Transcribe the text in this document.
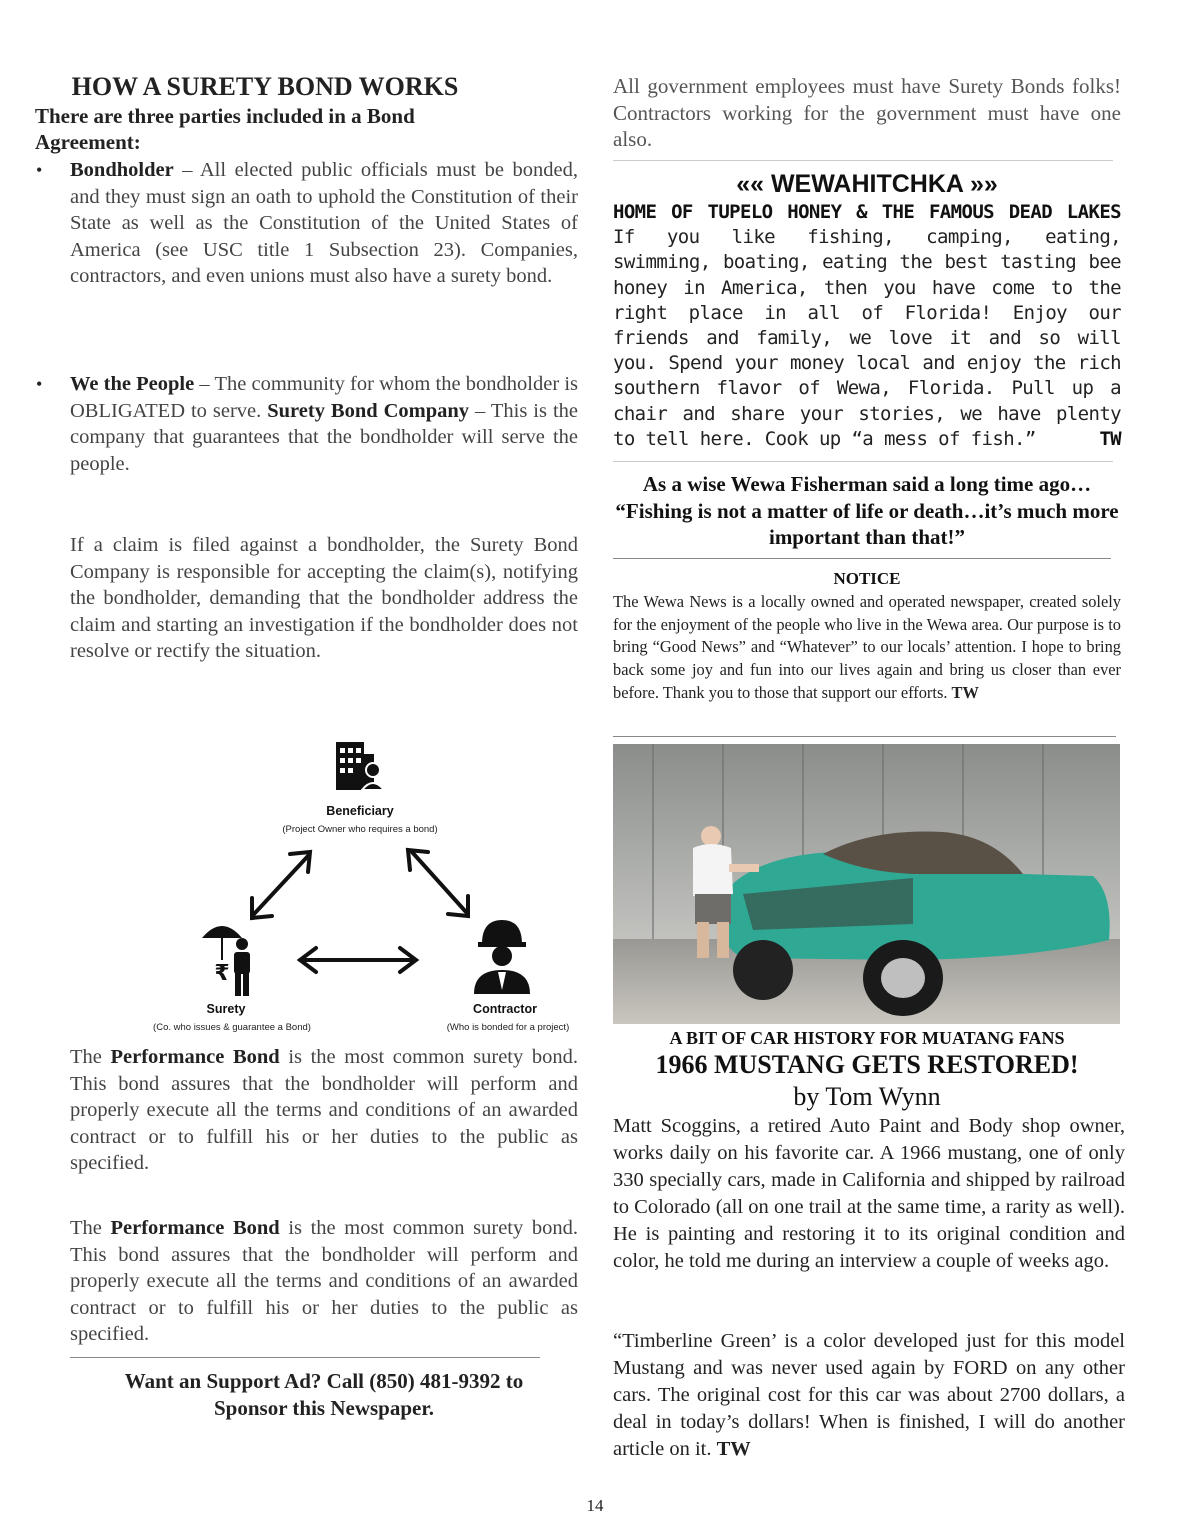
HOW A SURETY BOND WORKS

There are three parties included in a Bond Agreement:

• Bondholder – All elected public officials must be bonded, and they must sign an oath to uphold the Constitution of their State as well as the Constitution of the United States of America (see USC title 1 Subsection 23). Companies, contractors, and even unions must also have a surety bond.
• We the People – The community for whom the bondholder is OBLIGATED to serve. Surety Bond Company – This is the company that guarantees that the bondholder will serve the people.

If a claim is filed against a bondholder, the Surety Bond Company is responsible for accepting the claim(s), notifying the bondholder, demanding that the bondholder address the claim and starting an investigation if the bondholder does not resolve or rectify the situation.

Beneficiary
(Project Owner who requires a bond)
₹
Surety
(Co. who issues & guarantee a Bond)
Contractor
(Who is bonded for a project)

The Performance Bond is the most common surety bond. This bond assures that the bondholder will perform and properly execute all the terms and conditions of an awarded contract or to fulfill his or her duties to the public as specified.

The Performance Bond is the most common surety bond. This bond assures that the bondholder will perform and properly execute all the terms and conditions of an awarded contract or to fulfill his or her duties to the public as specified.

Want an Support Ad? Call (850) 481-9392 to
Sponsor this Newspaper.

All government employees must have Surety Bonds folks! Contractors working for the government must have one also.

«« WEWAHITCHKA »»

HOME OF TUPELO HONEY & THE FAMOUS DEAD LAKES If you like fishing, camping, eating, swimming, boating, eating the best tasting bee honey in America, then you have come to the right place in all of Florida! Enjoy our friends and family, we love it and so will you. Spend your money local and enjoy the rich southern flavor of Wewa, Florida. Pull up a chair and share your stories, we have plenty to tell here. Cook up “a mess of fish.”	TW

As a wise Wewa Fisherman said a long time ago… “Fishing is not a matter of life or death…it’s much more important than that!”

NOTICE

The Wewa News is a locally owned and operated newspaper, created solely for the enjoyment of the people who live in the Wewa area. Our purpose is to bring “Good News” and “Whatever” to our locals’ attention. I hope to bring back some joy and fun into our lives again and bring us closer than ever before. Thank you to those that support our efforts. TW

A BIT OF CAR HISTORY FOR MUATANG FANS
1966 MUSTANG GETS RESTORED!
by Tom Wynn

Matt Scoggins, a retired Auto Paint and Body shop owner, works daily on his favorite car. A 1966 mustang, one of only 330 specially cars, made in California and shipped by railroad to Colorado (all on one trail at the same time, a rarity as well). He is painting and restoring it to its original condition and color, he told me during an interview a couple of weeks ago.

“Timberline Green’ is a color developed just for this model Mustang and was never used again by FORD on any other cars. The original cost for this car was about 2700 dollars, a deal in today’s dollars! When is finished, I will do another article on it. TW

14
